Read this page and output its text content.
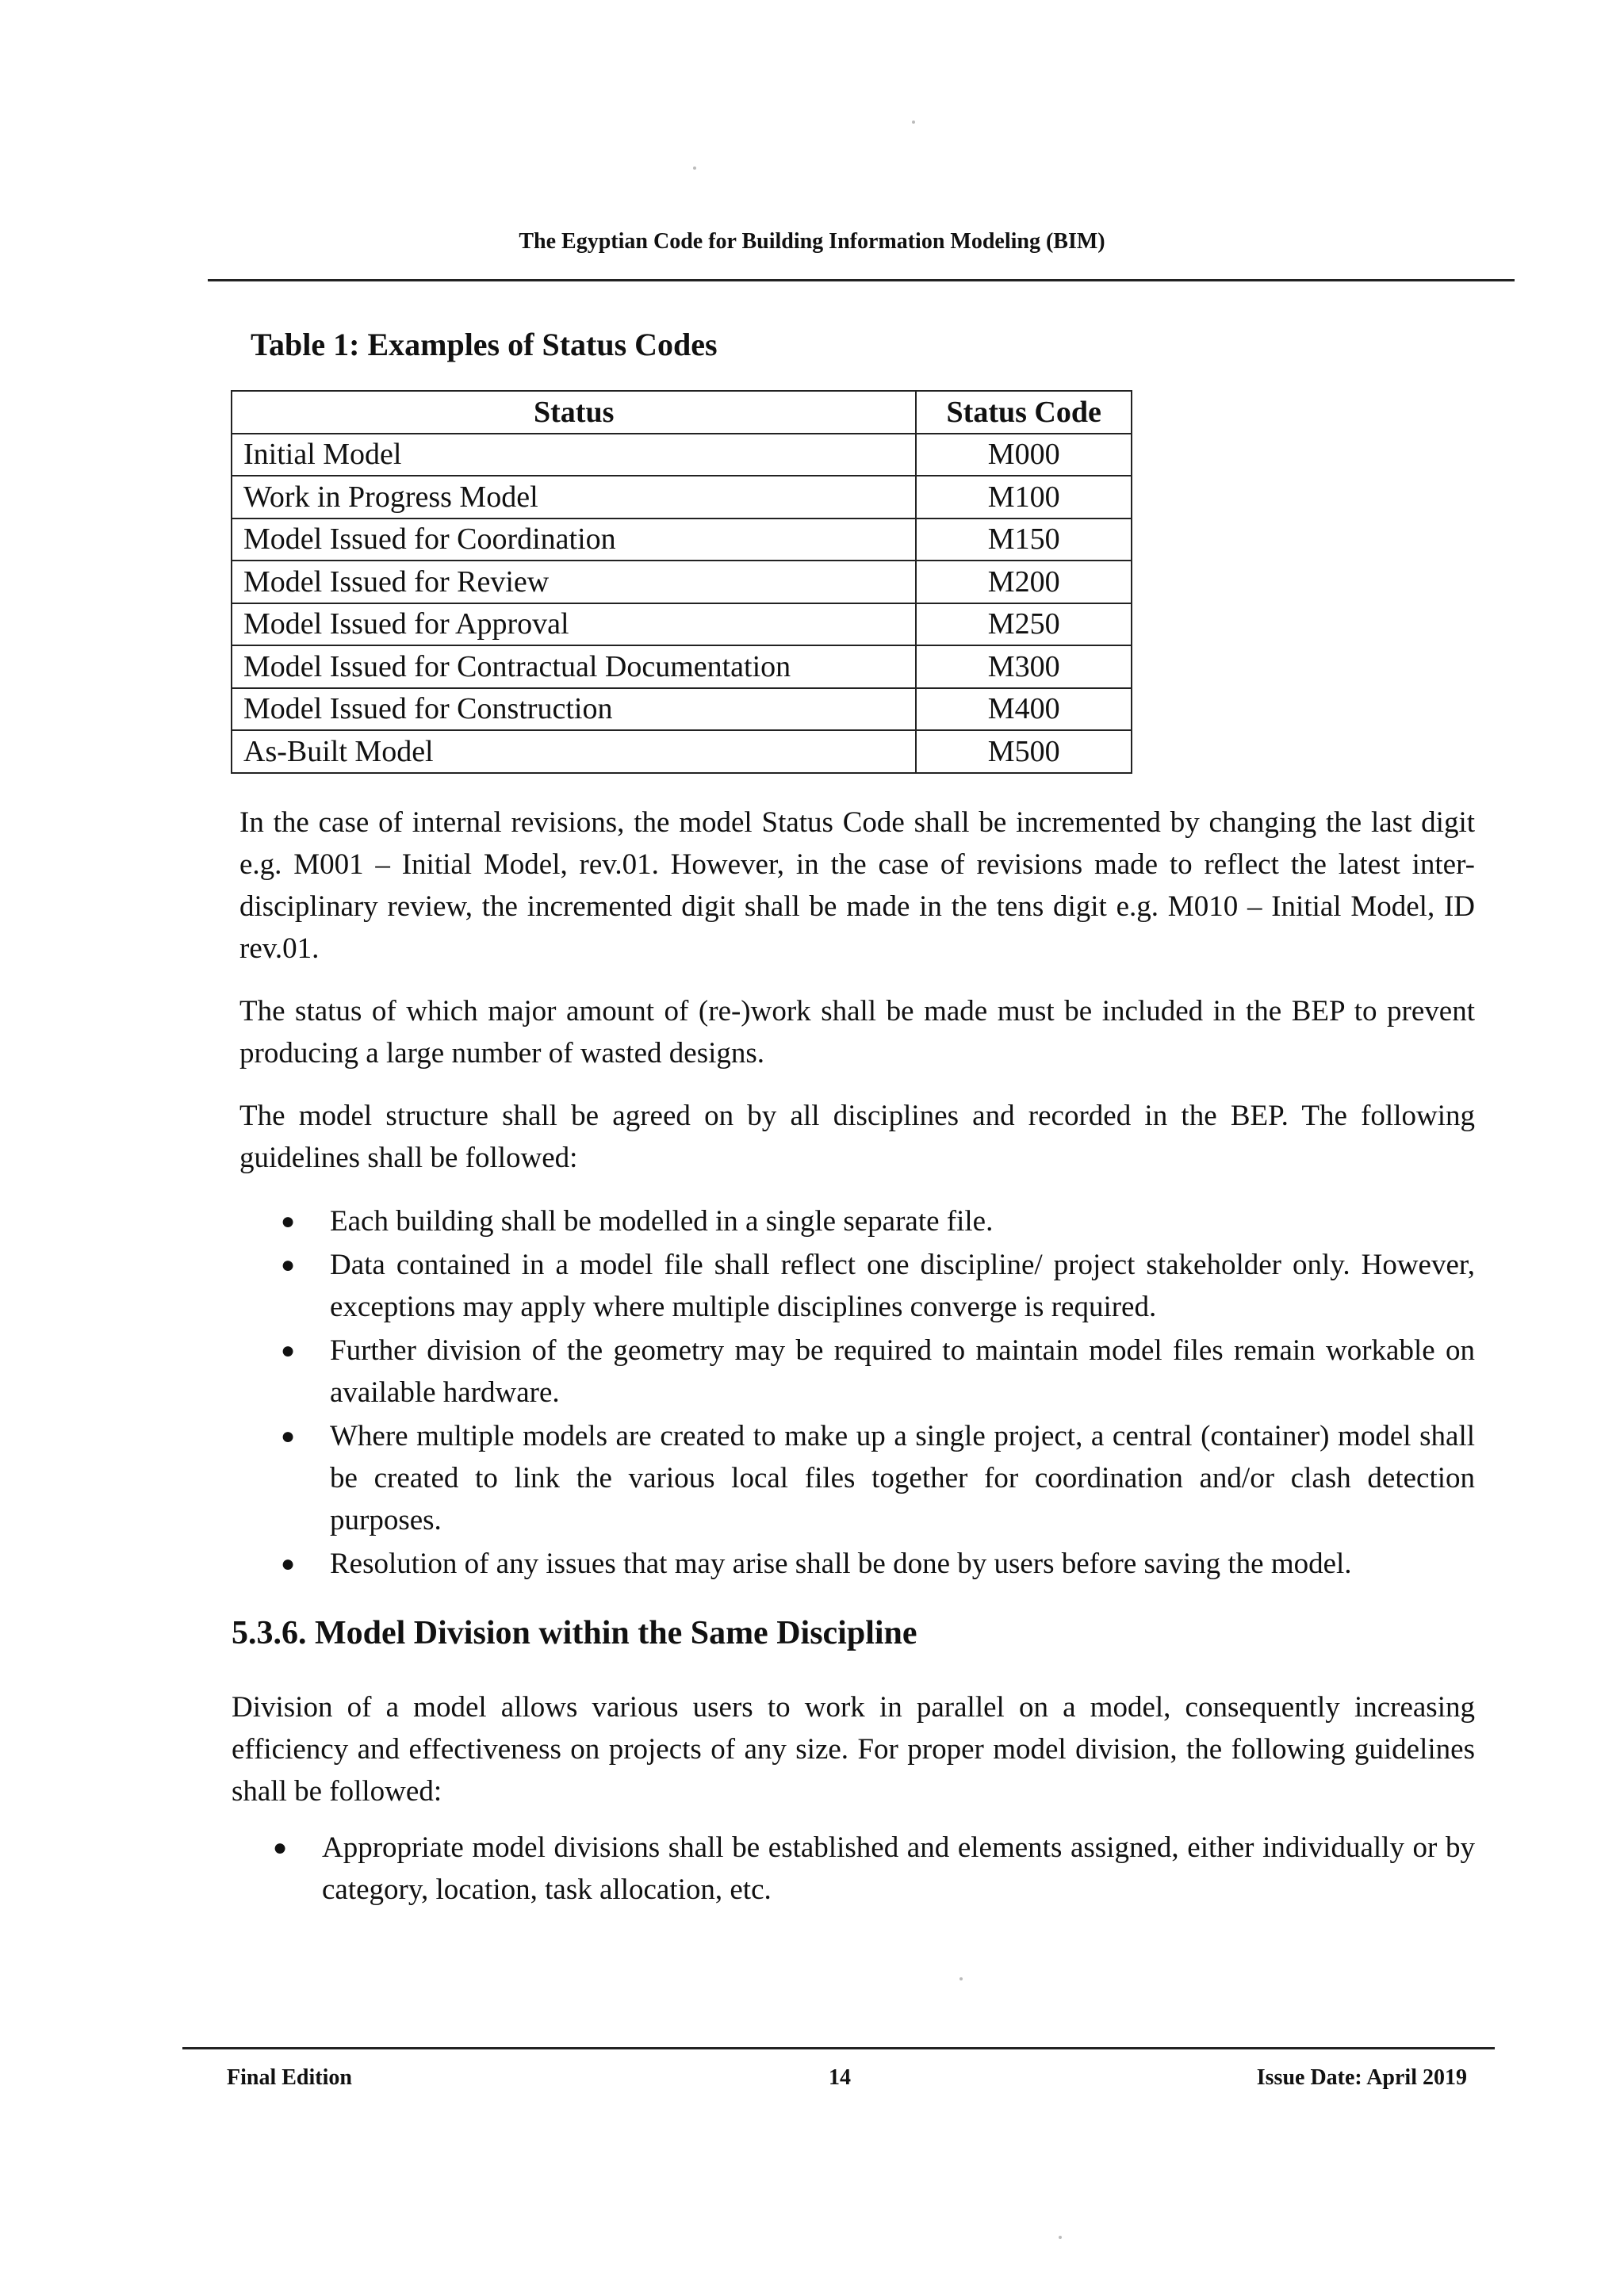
The Egyptian Code for Building Information Modeling (BIM)
Table 1: Examples of Status Codes
Status	Status Code
Initial Model	M000
Work in Progress Model	M100
Model Issued for Coordination	M150
Model Issued for Review	M200
Model Issued for Approval	M250
Model Issued for Contractual Documentation	M300
Model Issued for Construction	M400
As-Built Model	M500

In the case of internal revisions, the model Status Code shall be incremented by changing the last digit e.g. M001 – Initial Model, rev.01. However, in the case of revisions made to reflect the latest inter-disciplinary review, the incremented digit shall be made in the tens digit e.g. M010 – Initial Model, ID rev.01.

The status of which major amount of (re-)work shall be made must be included in the BEP to prevent producing a large number of wasted designs.

The model structure shall be agreed on by all disciplines and recorded in the BEP. The following guidelines shall be followed:

● Each building shall be modelled in a single separate file.
● Data contained in a model file shall reflect one discipline/ project stakeholder only. However, exceptions may apply where multiple disciplines converge is required.
● Further division of the geometry may be required to maintain model files remain workable on available hardware.
● Where multiple models are created to make up a single project, a central (container) model shall be created to link the various local files together for coordination and/or clash detection purposes.
● Resolution of any issues that may arise shall be done by users before saving the model.
5.3.6. Model Division within the Same Discipline

Division of a model allows various users to work in parallel on a model, consequently increasing efficiency and effectiveness on projects of any size. For proper model division, the following guidelines shall be followed:

● Appropriate model divisions shall be established and elements assigned, either individually or by category, location, task allocation, etc.
Final Edition	14	Issue Date: April 2019
